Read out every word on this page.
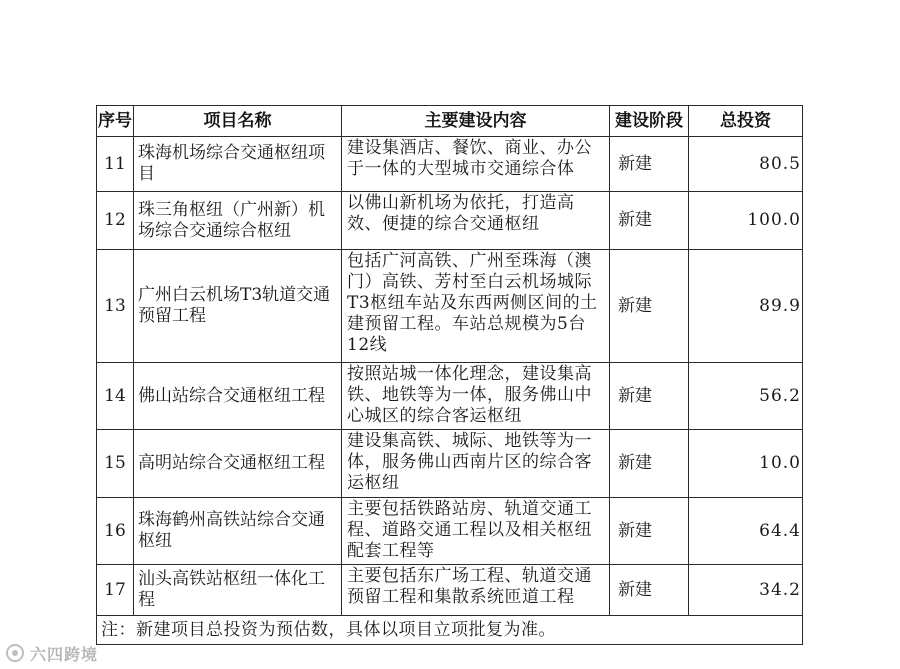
序号	项目名称	主要建设内容	建设阶段	总投资
11	珠海机场综合交通枢纽项目	建设集酒店、餐饮、商业、办公于一体的大型城市交通综合体	新建	80.5
12	珠三角枢纽（广州新）机场综合交通综合枢纽	以佛山新机场为依托，打造高效、便捷的综合交通枢纽	新建	100.0
13	广州白云机场T3轨道交通预留工程	包括广河高铁、广州至珠海（澳门）高铁、芳村至白云机场城际T3枢纽车站及东西两侧区间的土建预留工程。车站总规模为5台12线	新建	89.9
14	佛山站综合交通枢纽工程	按照站城一体化理念，建设集高铁、地铁等为一体，服务佛山中心城区的综合客运枢纽	新建	56.2
15	高明站综合交通枢纽工程	建设集高铁、城际、地铁等为一体，服务佛山西南片区的综合客运枢纽	新建	10.0
16	珠海鹤州高铁站综合交通枢纽	主要包括铁路站房、轨道交通工程、道路交通工程以及相关枢纽配套工程等	新建	64.4
17	汕头高铁站枢纽一体化工程	主要包括东广场工程、轨道交通预留工程和集散系统匝道工程	新建	34.2
注：新建项目总投资为预估数，具体以项目立项批复为准。				
六四跨境
